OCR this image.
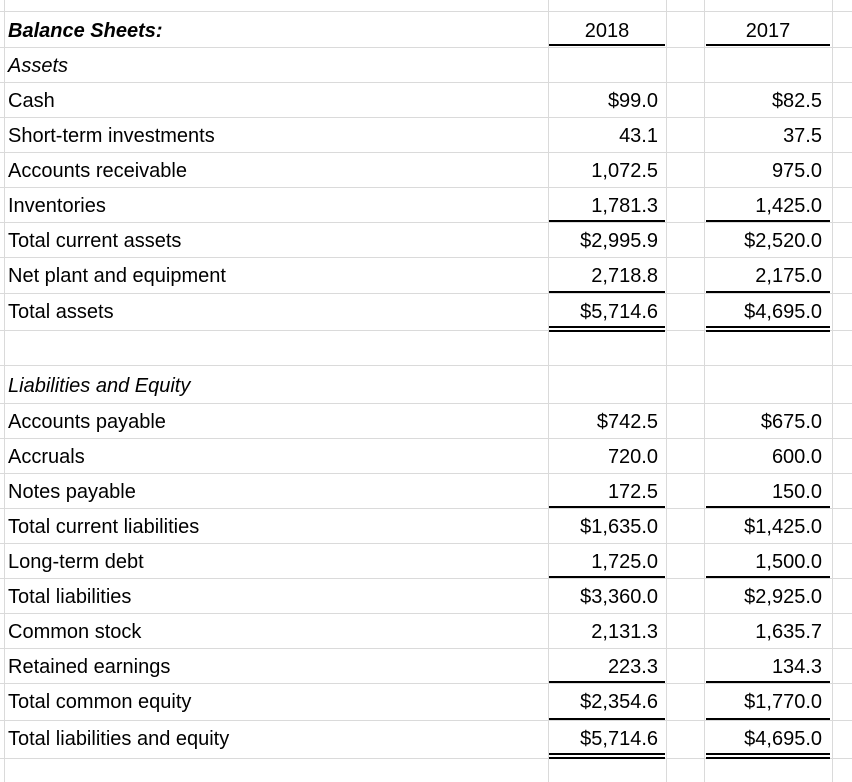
Balance Sheets:	2018	2017
Assets
Cash	$99.0	$82.5
Short-term investments	43.1	37.5
Accounts receivable	1,072.5	975.0
Inventories	1,781.3	1,425.0
Total current assets	$2,995.9	$2,520.0
Net plant and equipment	2,718.8	2,175.0
Total assets	$5,714.6	$4,695.0
Liabilities and Equity
Accounts payable	$742.5	$675.0
Accruals	720.0	600.0
Notes payable	172.5	150.0
Total current liabilities	$1,635.0	$1,425.0
Long-term debt	1,725.0	1,500.0
Total liabilities	$3,360.0	$2,925.0
Common stock	2,131.3	1,635.7
Retained earnings	223.3	134.3
Total common equity	$2,354.6	$1,770.0
Total liabilities and equity	$5,714.6	$4,695.0
